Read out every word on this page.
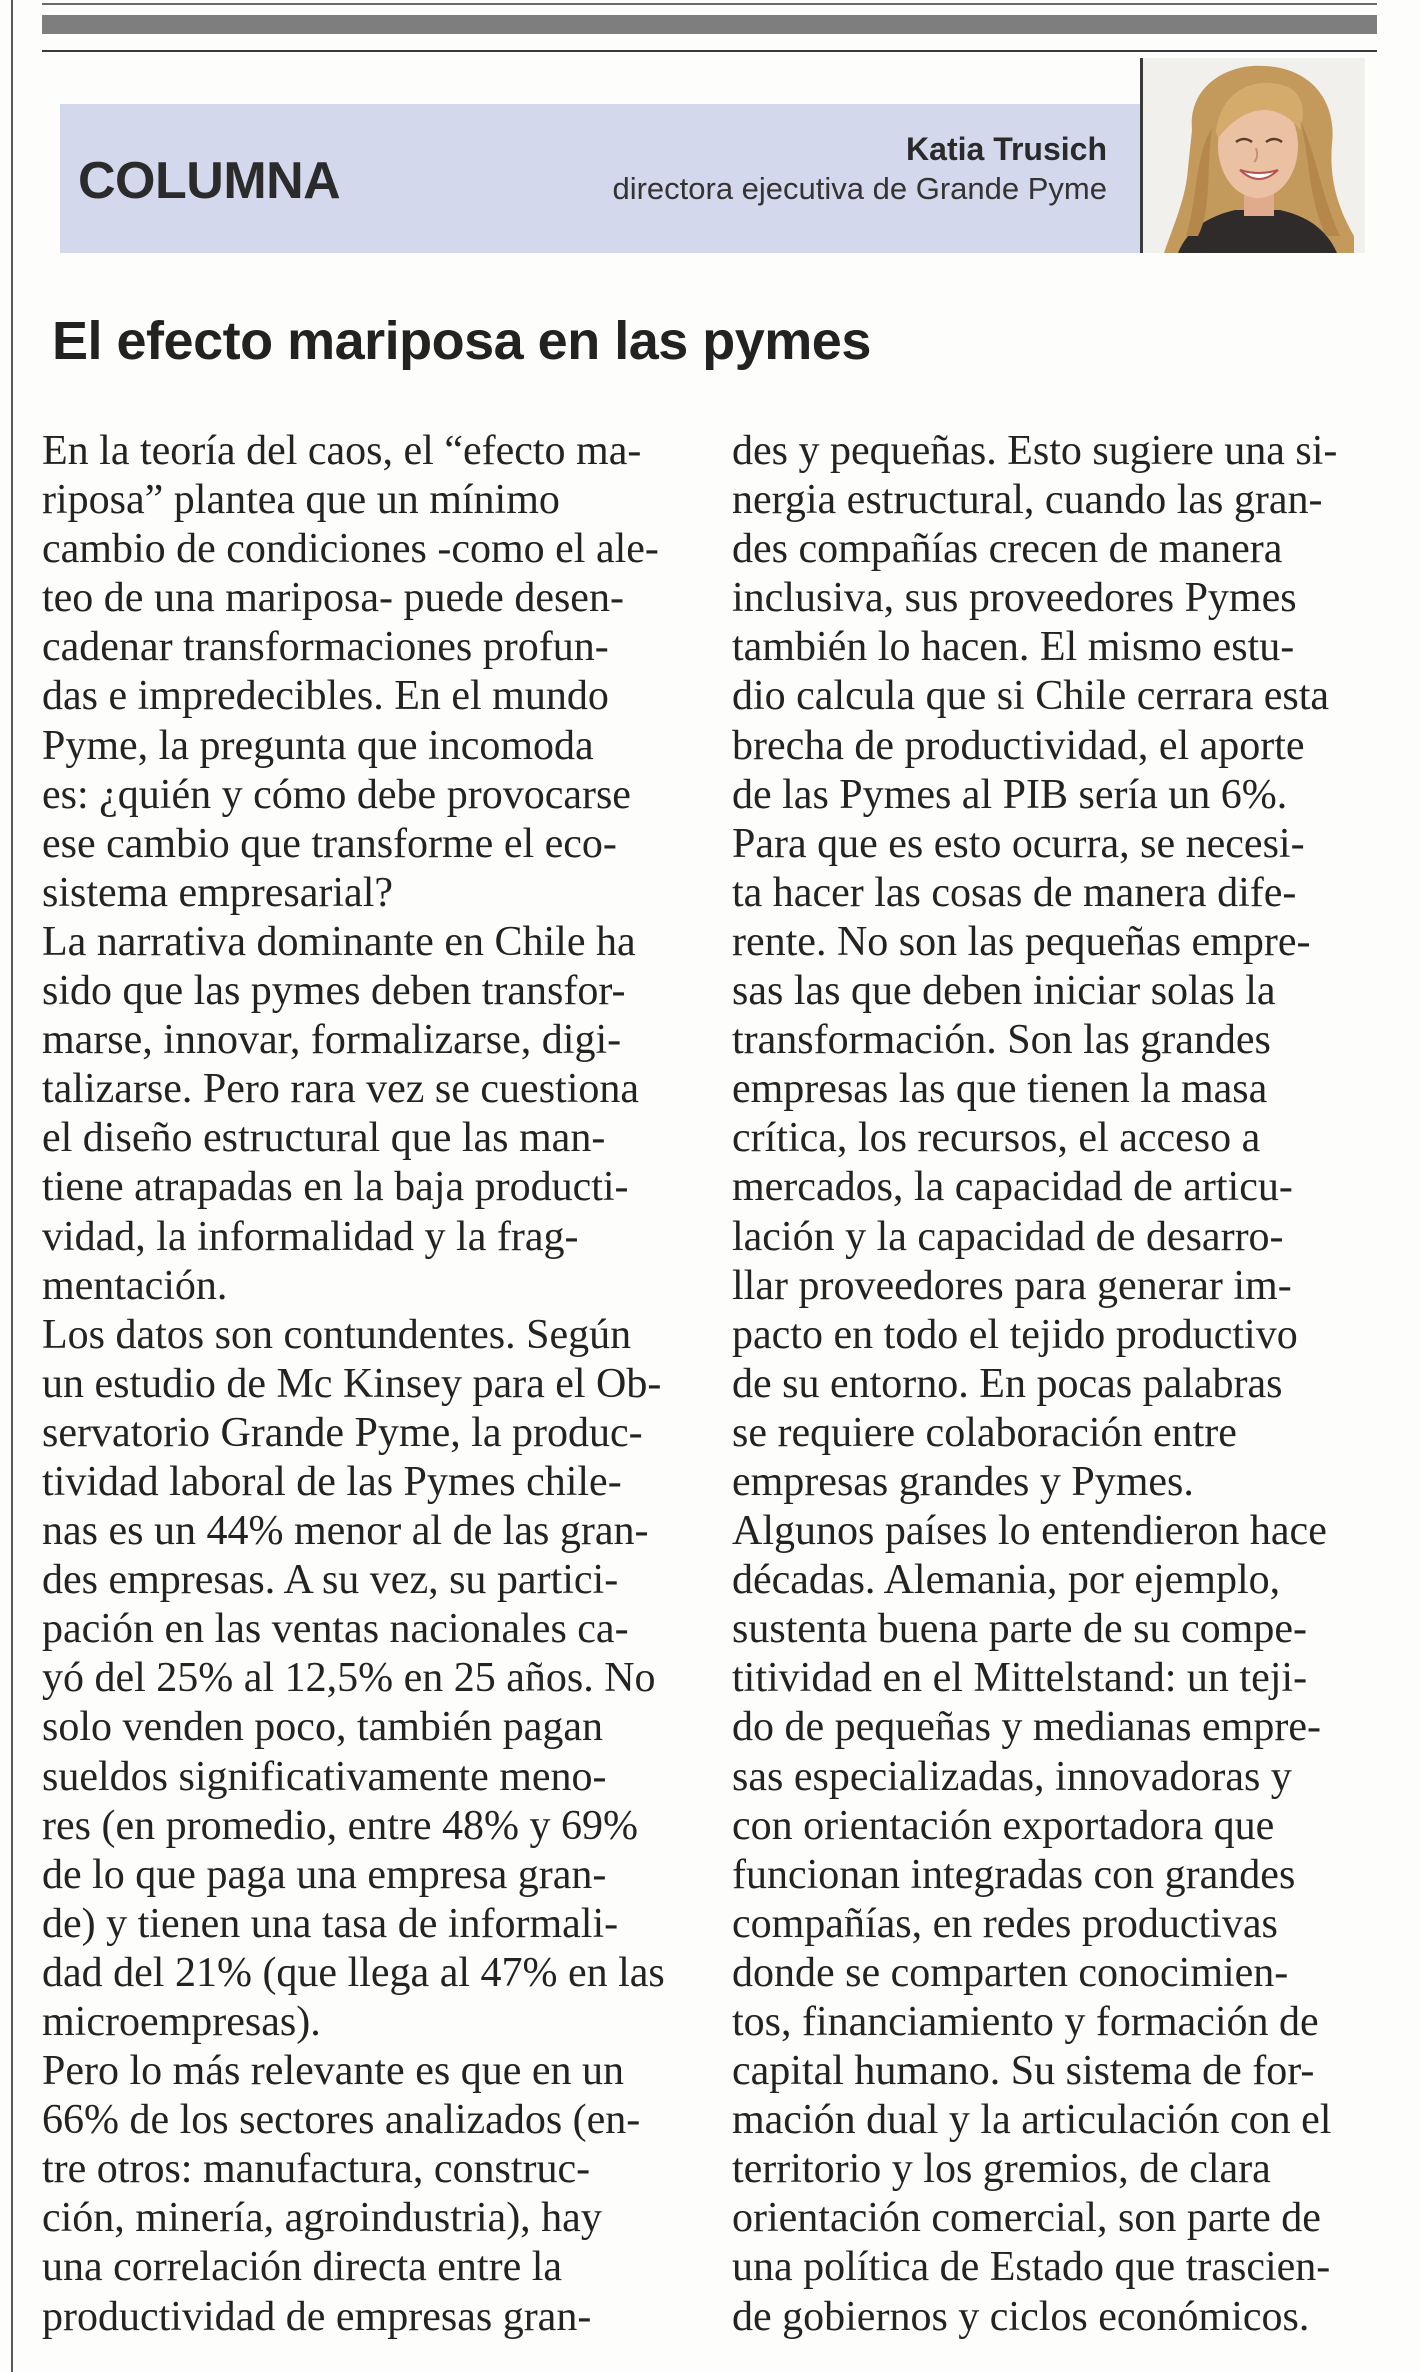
COLUMNA
Katia Trusich
directora ejecutiva de Grande Pyme
El efecto mariposa en las pymes
En la teoría del caos, el “efecto ma-
riposa” plantea que un mínimo
cambio de condiciones -como el ale-
teo de una mariposa- puede desen-
cadenar transformaciones profun-
das e impredecibles. En el mundo
Pyme, la pregunta que incomoda
es: ¿quién y cómo debe provocarse
ese cambio que transforme el eco-
sistema empresarial?
La narrativa dominante en Chile ha
sido que las pymes deben transfor-
marse, innovar, formalizarse, digi-
talizarse. Pero rara vez se cuestiona
el diseño estructural que las man-
tiene atrapadas en la baja producti-
vidad, la informalidad y la frag-
mentación.
Los datos son contundentes. Según
un estudio de Mc Kinsey para el Ob-
servatorio Grande Pyme, la produc-
tividad laboral de las Pymes chile-
nas es un 44% menor al de las gran-
des empresas. A su vez, su partici-
pación en las ventas nacionales ca-
yó del 25% al 12,5% en 25 años. No
solo venden poco, también pagan
sueldos significativamente meno-
res (en promedio, entre 48% y 69%
de lo que paga una empresa gran-
de) y tienen una tasa de informali-
dad del 21% (que llega al 47% en las
microempresas).
Pero lo más relevante es que en un
66% de los sectores analizados (en-
tre otros: manufactura, construc-
ción, minería, agroindustria), hay
una correlación directa entre la
productividad de empresas gran-
des y pequeñas. Esto sugiere una si-
nergia estructural, cuando las gran-
des compañías crecen de manera
inclusiva, sus proveedores Pymes
también lo hacen. El mismo estu-
dio calcula que si Chile cerrara esta
brecha de productividad, el aporte
de las Pymes al PIB sería un 6%.
Para que es esto ocurra, se necesi-
ta hacer las cosas de manera dife-
rente. No son las pequeñas empre-
sas las que deben iniciar solas la
transformación. Son las grandes
empresas las que tienen la masa
crítica, los recursos, el acceso a
mercados, la capacidad de articu-
lación y la capacidad de desarro-
llar proveedores para generar im-
pacto en todo el tejido productivo
de su entorno. En pocas palabras
se requiere colaboración entre
empresas grandes y Pymes.
Algunos países lo entendieron hace
décadas. Alemania, por ejemplo,
sustenta buena parte de su compe-
titividad en el Mittelstand: un teji-
do de pequeñas y medianas empre-
sas especializadas, innovadoras y
con orientación exportadora que
funcionan integradas con grandes
compañías, en redes productivas
donde se comparten conocimien-
tos, financiamiento y formación de
capital humano. Su sistema de for-
mación dual y la articulación con el
territorio y los gremios, de clara
orientación comercial, son parte de
una política de Estado que trascien-
de gobiernos y ciclos económicos.
